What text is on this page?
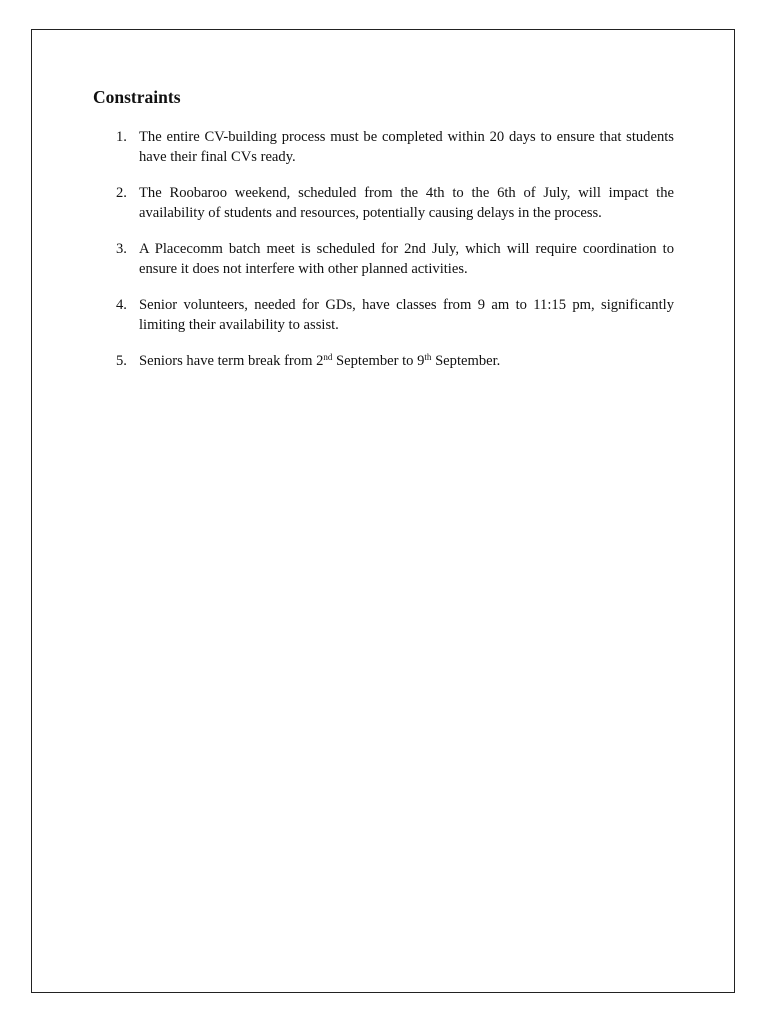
Constraints
1. The entire CV-building process must be completed within 20 days to ensure that students have their final CVs ready.
2. The Roobaroo weekend, scheduled from the 4th to the 6th of July, will impact the availability of students and resources, potentially causing delays in the process.
3. A Placecomm batch meet is scheduled for 2nd July, which will require coordination to ensure it does not interfere with other planned activities.
4. Senior volunteers, needed for GDs, have classes from 9 am to 11:15 pm, significantly limiting their availability to assist.
5. Seniors have term break from 2nd September to 9th September.
